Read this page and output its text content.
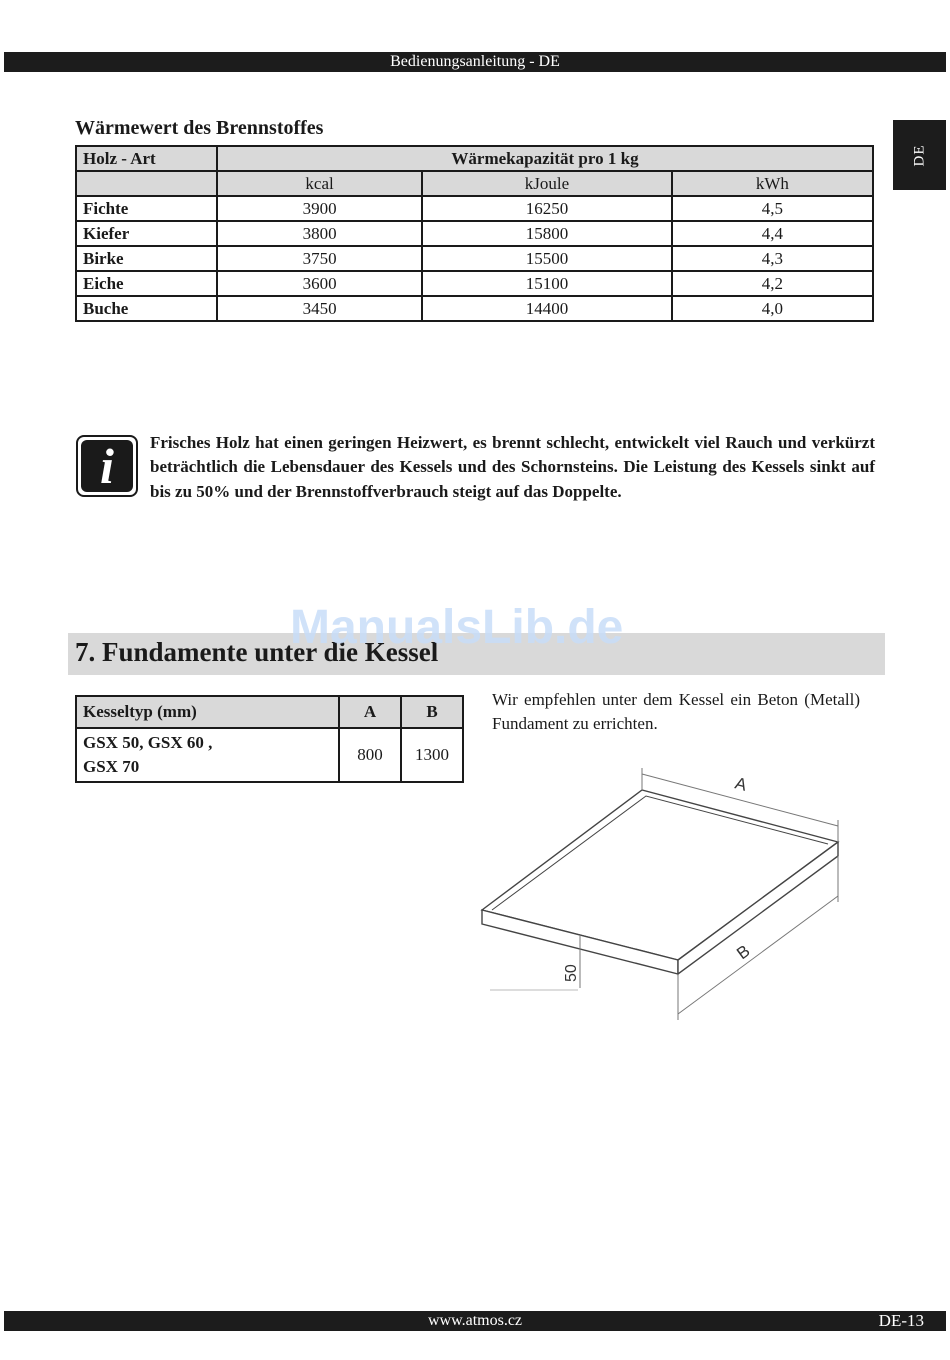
Bedienungsanleitung - DE
DE
Wärmewert des Brennstoffes
Holz - Art	Wärmekapazität pro 1 kg		
	kcal	kJoule	kWh
Fichte	3900	16250	4,5
Kiefer	3800	15800	4,4
Birke	3750	15500	4,3
Eiche	3600	15100	4,2
Buche	3450	14400	4,0
i	Frisches Holz hat einen geringen Heizwert, es brennt schlecht, entwickelt viel Rauch und verkürzt beträchtlich die Lebensdauer des Kessels und des Schornsteins. Die Leistung des Kessels sinkt auf bis zu 50% und der Brennstoffverbrauch steigt auf das Doppelte.
7. Fundamente unter die Kessel
ManualsLib.de
Kesseltyp (mm)	A	B

GSX 50, GSX 60 ,
GSX 70	800	1300
Wir empfehlen unter dem Kessel ein Beton (Metall) Fundament zu errichten.
A
B
50
www.atmos.cz	DE-13
